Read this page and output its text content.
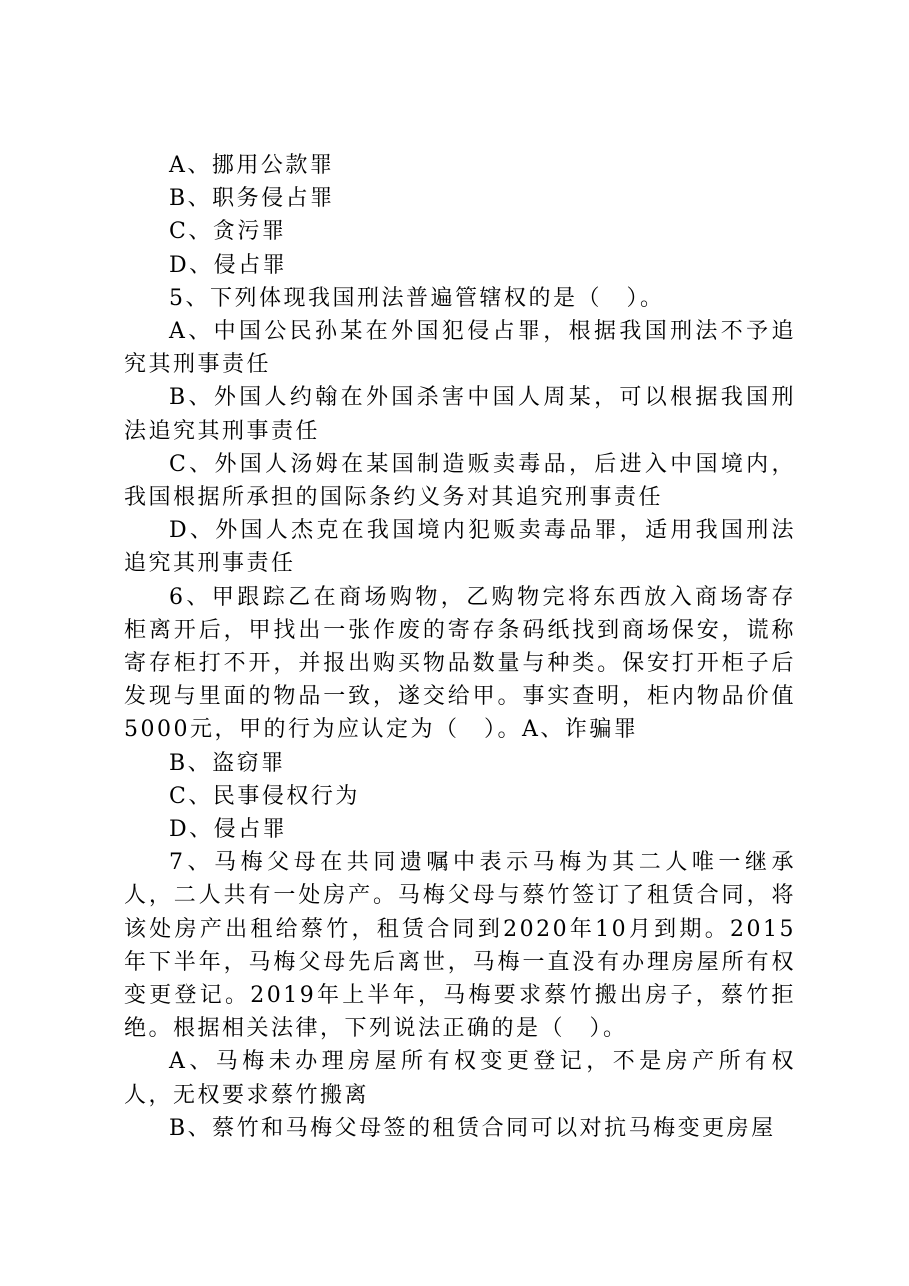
A、挪用公款罪

B、职务侵占罪

C、贪污罪

D、侵占罪

5、下列体现我国刑法普遍管辖权的是（　）。

A、中国公民孙某在外国犯侵占罪，根据我国刑法不予追究其刑事责任

B、外国人约翰在外国杀害中国人周某，可以根据我国刑法追究其刑事责任

C、外国人汤姆在某国制造贩卖毒品，后进入中国境内，我国根据所承担的国际条约义务对其追究刑事责任

D、外国人杰克在我国境内犯贩卖毒品罪，适用我国刑法追究其刑事责任

6、甲跟踪乙在商场购物，乙购物完将东西放入商场寄存柜离开后，甲找出一张作废的寄存条码纸找到商场保安，谎称寄存柜打不开，并报出购买物品数量与种类。保安打开柜子后发现与里面的物品一致，遂交给甲。事实查明，柜内物品价值5000元，甲的行为应认定为（　）。A、诈骗罪

B、盗窃罪

C、民事侵权行为

D、侵占罪

7、马梅父母在共同遗嘱中表示马梅为其二人唯一继承人，二人共有一处房产。马梅父母与蔡竹签订了租赁合同，将该处房产出租给蔡竹，租赁合同到2020年10月到期。2015年下半年，马梅父母先后离世，马梅一直没有办理房屋所有权变更登记。2019年上半年，马梅要求蔡竹搬出房子，蔡竹拒绝。根据相关法律，下列说法正确的是（　）。

A、马梅未办理房屋所有权变更登记，不是房产所有权人，无权要求蔡竹搬离

B、蔡竹和马梅父母签的租赁合同可以对抗马梅变更房屋
